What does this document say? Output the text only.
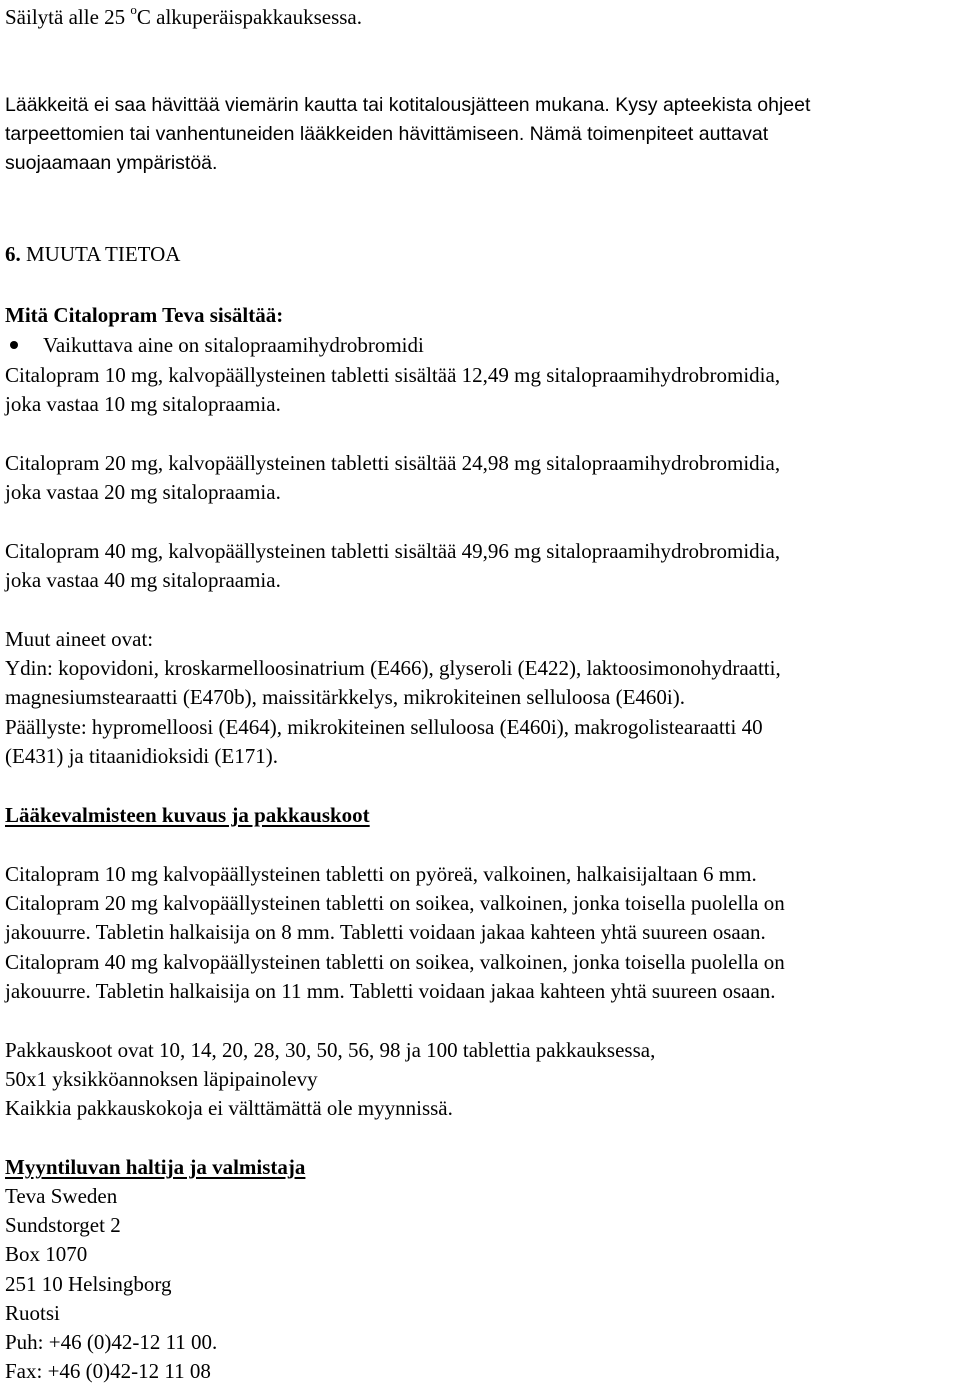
Säilytä alle 25 $^o$C alkuperäispakkauksessa.
Lääkkeitä ei saa hävittää viemärin kautta tai kotitalousjätteen mukana. Kysy apteekista ohjeet
tarpeettomien tai vanhentuneiden lääkkeiden hävittämiseen. Nämä toimenpiteet auttavat
suojaamaan ympäristöä.
6. MUUTA TIETOA
Mitä Citalopram Teva sisältää:
Vaikuttava aine on sitalopraamihydrobromidi
Citalopram 10 mg, kalvopäällysteinen tabletti sisältää 12,49 mg sitalopraamihydrobromidia,
joka vastaa 10 mg sitalopraamia.
Citalopram 20 mg, kalvopäällysteinen tabletti sisältää 24,98 mg sitalopraamihydrobromidia,
joka vastaa 20 mg sitalopraamia.
Citalopram 40 mg, kalvopäällysteinen tabletti sisältää 49,96 mg sitalopraamihydrobromidia,
joka vastaa 40 mg sitalopraamia.
Muut aineet ovat:
Ydin: kopovidoni, kroskarmelloosinatrium (E466), glyseroli (E422), laktoosimonohydraatti,
magnesiumstearaatti (E470b), maissitärkkelys, mikrokiteinen selluloosa (E460i).
Päällyste: hypromelloosi (E464), mikrokiteinen selluloosa (E460i), makrogolistearaatti 40
(E431) ja titaanidioksidi (E171).
Lääkevalmisteen kuvaus ja pakkauskoot
Citalopram 10 mg kalvopäällysteinen tabletti on pyöreä, valkoinen, halkaisijaltaan 6 mm.
Citalopram 20 mg kalvopäällysteinen tabletti on soikea, valkoinen, jonka toisella puolella on
jakouurre. Tabletin halkaisija on 8 mm. Tabletti voidaan jakaa kahteen yhtä suureen osaan.
Citalopram 40 mg kalvopäällysteinen tabletti on soikea, valkoinen, jonka toisella puolella on
jakouurre. Tabletin halkaisija on 11 mm. Tabletti voidaan jakaa kahteen yhtä suureen osaan.
Pakkauskoot ovat 10, 14, 20, 28, 30, 50, 56, 98 ja 100 tablettia pakkauksessa,
50x1 yksikköannoksen läpipainolevy
Kaikkia pakkauskokoja ei välttämättä ole myynnissä.
Myyntiluvan haltija ja valmistaja
Teva Sweden
Sundstorget 2
Box 1070
251 10 Helsingborg
Ruotsi
Puh: +46 (0)42-12 11 00.
Fax: +46 (0)42-12 11 08
